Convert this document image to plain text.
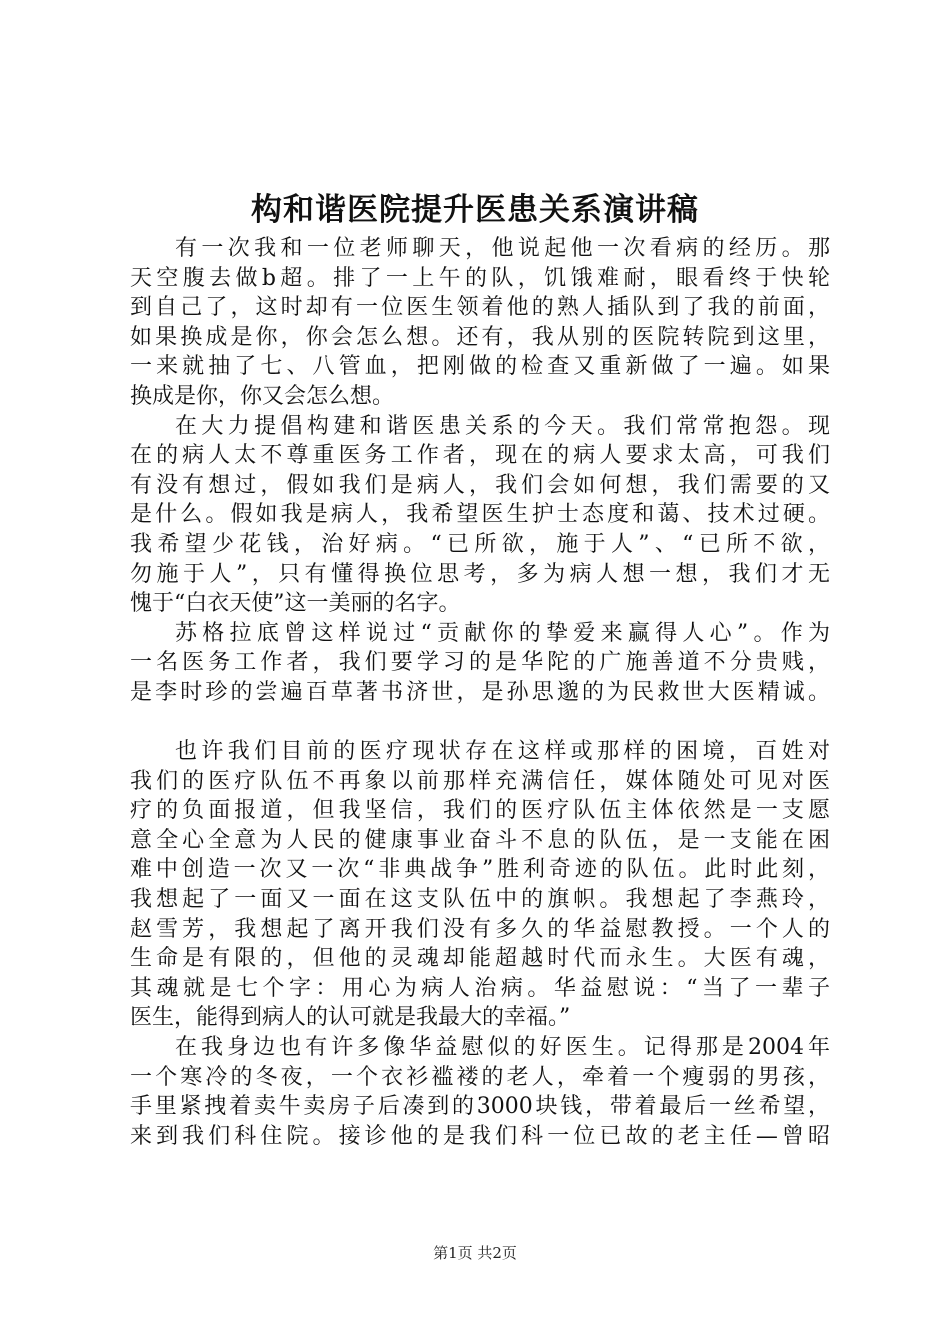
构和谐医院提升医患关系演讲稿
有一次我和一位老师聊天，他说起他一次看病的经历。那
天空腹去做b超。排了一上午的队，饥饿难耐，眼看终于快轮
到自己了，这时却有一位医生领着他的熟人插队到了我的前面，
如果换成是你，你会怎么想。还有，我从别的医院转院到这里，
一来就抽了七、八管血，把刚做的检查又重新做了一遍。如果
换成是你，你又会怎么想。
在大力提倡构建和谐医患关系的今天。我们常常抱怨。现
在的病人太不尊重医务工作者，现在的病人要求太高，可我们
有没有想过，假如我们是病人，我们会如何想，我们需要的又
是什么。假如我是病人，我希望医生护士态度和蔼、技术过硬。
我希望少花钱，治好病。“已所欲，施于人”、“已所不欲，
勿施于人”，只有懂得换位思考，多为病人想一想，我们才无
愧于“白衣天使”这一美丽的名字。
苏格拉底曾这样说过“贡献你的挚爱来赢得人心”。作为
一名医务工作者，我们要学习的是华陀的广施善道不分贵贱，
是李时珍的尝遍百草著书济世，是孙思邈的为民救世大医精诚。
也许我们目前的医疗现状存在这样或那样的困境，百姓对
我们的医疗队伍不再象以前那样充满信任，媒体随处可见对医
疗的负面报道，但我坚信，我们的医疗队伍主体依然是一支愿
意全心全意为人民的健康事业奋斗不息的队伍，是一支能在困
难中创造一次又一次“非典战争”胜利奇迹的队伍。此时此刻，
我想起了一面又一面在这支队伍中的旗帜。我想起了李燕玲，
赵雪芳，我想起了离开我们没有多久的华益慰教授。一个人的
生命是有限的，但他的灵魂却能超越时代而永生。大医有魂，
其魂就是七个字：用心为病人治病。华益慰说：“当了一辈子
医生，能得到病人的认可就是我最大的幸福。”
在我身边也有许多像华益慰似的好医生。记得那是2004年
一个寒冷的冬夜，一个衣衫褴褛的老人，牵着一个瘦弱的男孩，
手里紧拽着卖牛卖房子后凑到的3000块钱，带着最后一丝希望，
来到我们科住院。接诊他的是我们科一位已故的老主任—曾昭
第1页 共2页
